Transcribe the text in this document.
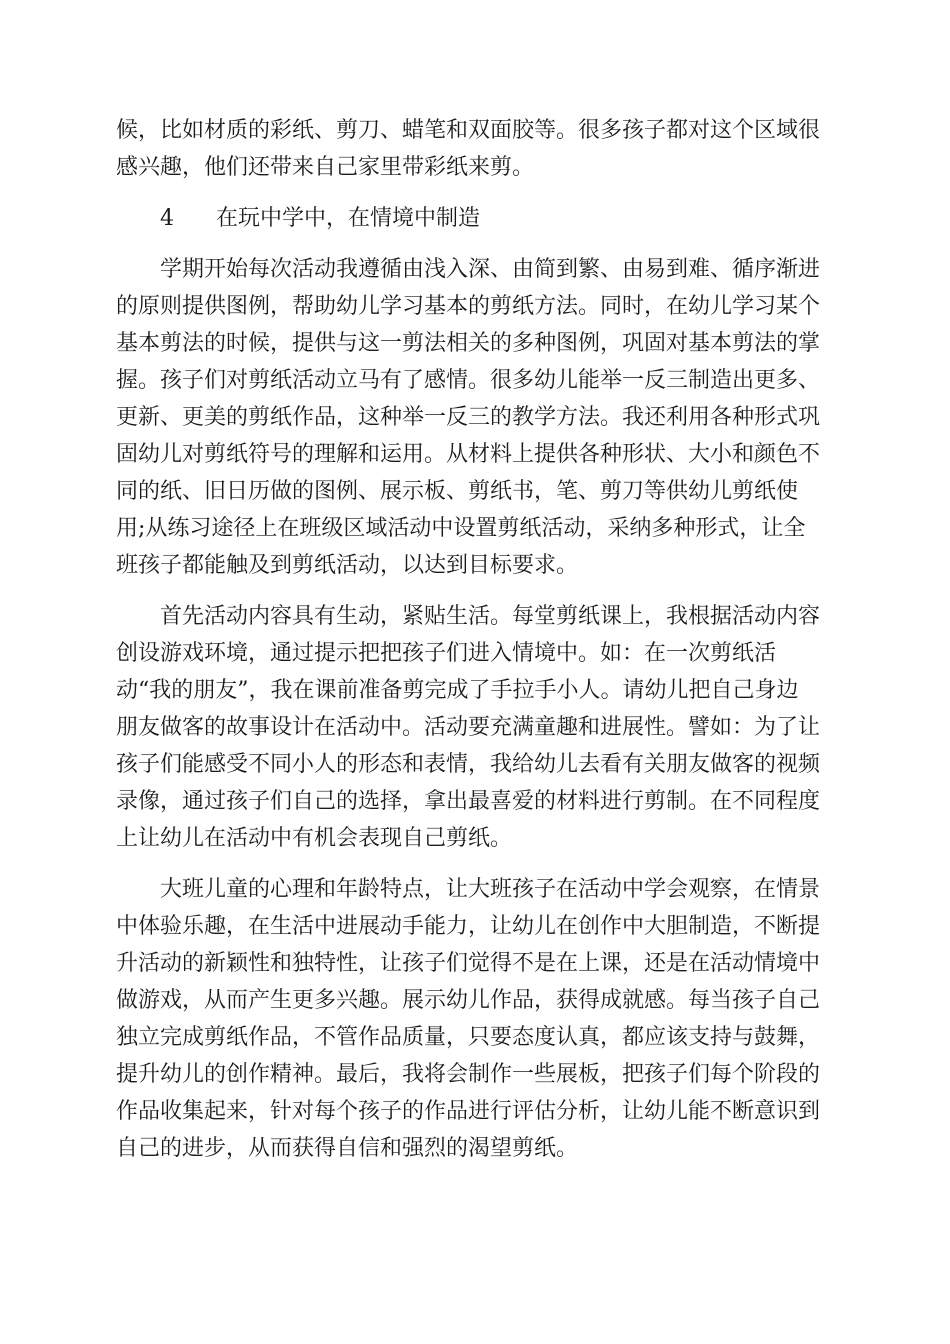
候，比如材质的彩纸、剪刀、蜡笔和双面胶等。很多孩子都对这个区域很
感兴趣，他们还带来自己家里带彩纸来剪。
4 在玩中学中，在情境中制造
学期开始每次活动我遵循由浅入深、由简到繁、由易到难、循序渐进
的原则提供图例，帮助幼儿学习基本的剪纸方法。同时，在幼儿学习某个
基本剪法的时候，提供与这一剪法相关的多种图例，巩固对基本剪法的掌
握。孩子们对剪纸活动立马有了感情。很多幼儿能举一反三制造出更多、
更新、更美的剪纸作品，这种举一反三的教学方法。我还利用各种形式巩
固幼儿对剪纸符号的理解和运用。从材料上提供各种形状、大小和颜色不
同的纸、旧日历做的图例、展示板、剪纸书，笔、剪刀等供幼儿剪纸使
用;从练习途径上在班级区域活动中设置剪纸活动，采纳多种形式，让全
班孩子都能触及到剪纸活动，以达到目标要求。
首先活动内容具有生动，紧贴生活。每堂剪纸课上，我根据活动内容
创设游戏环境，通过提示把把孩子们进入情境中。如：在一次剪纸活
动“我的朋友”，我在课前准备剪完成了手拉手小人。请幼儿把自己身边
朋友做客的故事设计在活动中。活动要充满童趣和进展性。譬如：为了让
孩子们能感受不同小人的形态和表情，我给幼儿去看有关朋友做客的视频
录像，通过孩子们自己的选择，拿出最喜爱的材料进行剪制。在不同程度
上让幼儿在活动中有机会表现自己剪纸。
大班儿童的心理和年龄特点，让大班孩子在活动中学会观察，在情景
中体验乐趣，在生活中进展动手能力，让幼儿在创作中大胆制造，不断提
升活动的新颖性和独特性，让孩子们觉得不是在上课，还是在活动情境中
做游戏，从而产生更多兴趣。展示幼儿作品，获得成就感。每当孩子自己
独立完成剪纸作品，不管作品质量，只要态度认真，都应该支持与鼓舞，
提升幼儿的创作精神。最后，我将会制作一些展板，把孩子们每个阶段的
作品收集起来，针对每个孩子的作品进行评估分析，让幼儿能不断意识到
自己的进步，从而获得自信和强烈的渴望剪纸。
